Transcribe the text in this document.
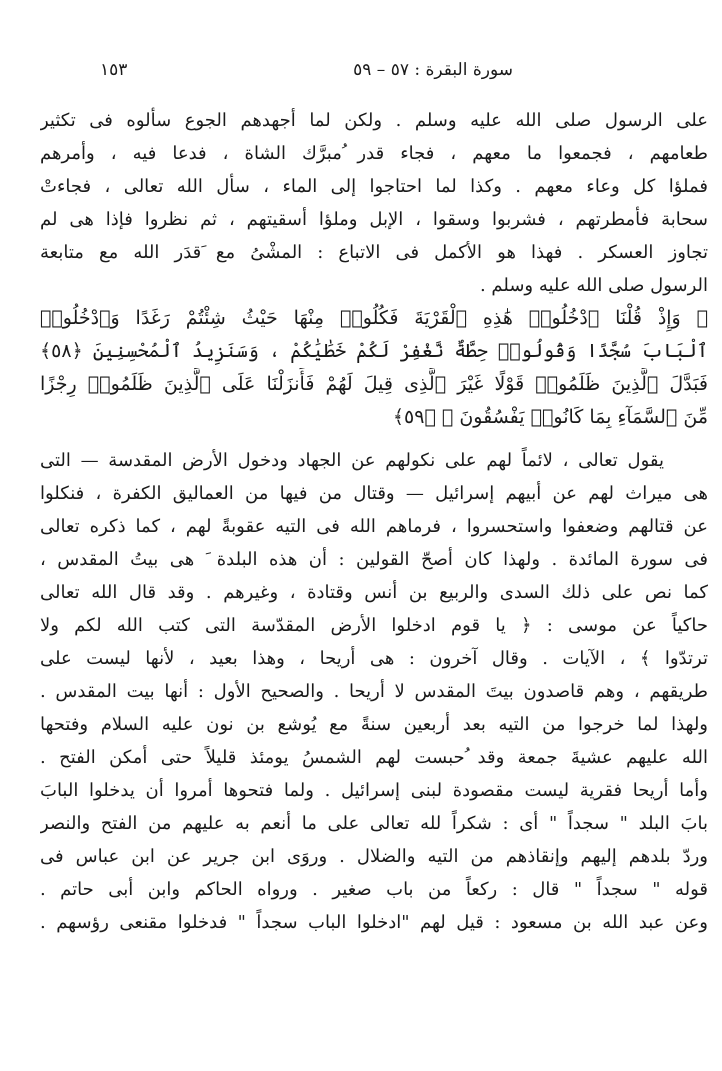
سورة البقرة : ٥٧ – ٥٩
١٥٣
على الرسول صلى الله عليه وسلم . ولكن لما أجهدهم الجوع سألوه فى تكثير
طعامهم ، فجمعوا ما معهم ، فجاء قدر ُمبرَّك الشاة ، فدعا فيه ، وأمرهم
فملؤا كل وعاء معهم . وكذا لما احتاجوا إلى الماء ، سأل الله تعالى ، فجاءتْ
سحابة فأمطرتهم ، فشربوا وسقوا ، الإبل وملؤا أسقيتهم ، ثم نظروا فإذا هى لم
تجاوز العسكر . فهذا هو الأكمل فى الاتباع : المشْىُ مع َقدَر الله مع متابعة
الرسول صلى الله عليه وسلم .
﴿ وَإِذْ قُلْنَا ٱدْخُلُوا۟ هَٰذِهِ ٱلْقَرْيَةَ فَكُلُوا۟ مِنْهَا حَيْثُ شِئْتُمْ رَغَدًا وَٱدْخُلُوا۟
ٱلْبَابَ سُجَّدًا وَقُولُوا۟ حِطَّةٌ نَّغْفِرْ لَكُمْ خَطَٰيَٰكُمْ ، وَسَنَزِيدُ ٱلْمُحْسِنِينَ ﴿٥٨﴾
فَبَدَّلَ ٱلَّذِينَ ظَلَمُوا۟ قَوْلًا غَيْرَ ٱلَّذِى قِيلَ لَهُمْ فَأَنزَلْنَا عَلَى ٱلَّذِينَ ظَلَمُوا۟ رِجْزًا
مِّنَ ٱلسَّمَآءِ بِمَا كَانُوا۟ يَفْسُقُونَ ﴾ ﴿٥٩﴾
يقول تعالى ، لائماً لهم على نكولهم عن الجهاد ودخول الأرض المقدسة — التى
هى ميراث لهم عن أبيهم إسرائيل — وقتال من فيها من العماليق الكفرة ، فنكلوا
عن قتالهم وضعفوا واستحسروا ، فرماهم الله فى التيه عقوبةً لهم ، كما ذكره تعالى
فى سورة المائدة . ولهذا كان أصحّ القولين : أن هذه البلدة َ هى بيتُ المقدس ،
كما نص على ذلك السدى والربيع بن أنس وقتادة ، وغيرهم . وقد قال الله تعالى
حاكياً عن موسى : ﴿ يا قوم ادخلوا الأرض المقدّسة التى كتب الله لكم ولا
ترتدّوا ﴾ ، الآيات . وقال آخرون : هى أريحا ، وهذا بعيد ، لأنها ليست على
طريقهم ، وهم قاصدون بيتَ المقدس لا أريحا . والصحيح الأول : أنها بيت المقدس .
ولهذا لما خرجوا من التيه بعد أربعين سنةً مع يُوشع بن نون عليه السلام وفتحها
الله عليهم عشيةَ جمعة وقد ُحبست لهم الشمسُ يومئذ قليلاً حتى أمكن الفتح .
وأما أريحا فقرية ليست مقصودة لبنى إسرائيل . ولما فتحوها أمروا أن يدخلوا البابَ
بابَ البلد " سجداً " أى : شكراً لله تعالى على ما أنعم به عليهم من الفتح والنصر
وردّ بلدهم إليهم وإنقاذهم من التيه والضلال . وروَى ابن جرير عن ابن عباس فى
قوله " سجداً " قال : ركعاً من باب صغير . ورواه الحاكم وابن أبى حاتم .
وعن عبد الله بن مسعود : قيل لهم "ادخلوا الباب سجداً " فدخلوا مقنعى رؤسهم .
